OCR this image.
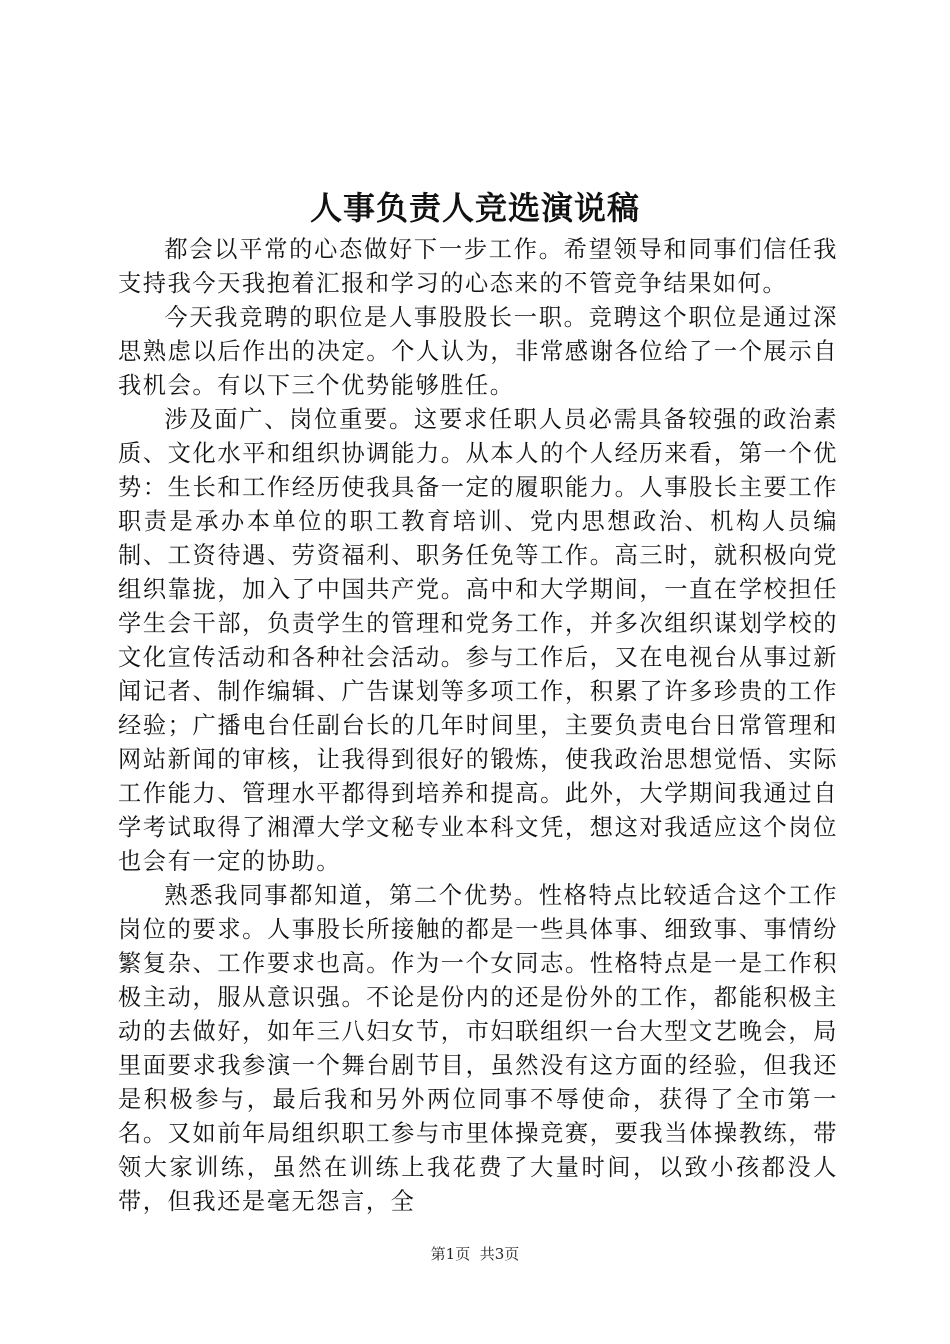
人事负责人竞选演说稿

都会以平常的心态做好下一步工作。希望领导和同事们信任我支持我今天我抱着汇报和学习的心态来的不管竞争结果如何。

今天我竞聘的职位是人事股股长一职。竞聘这个职位是通过深思熟虑以后作出的决定。个人认为，非常感谢各位给了一个展示自我机会。有以下三个优势能够胜任。

涉及面广、岗位重要。这要求任职人员必需具备较强的政治素质、文化水平和组织协调能力。从本人的个人经历来看，第一个优势：生长和工作经历使我具备一定的履职能力。人事股长主要工作职责是承办本单位的职工教育培训、党内思想政治、机构人员编制、工资待遇、劳资福利、职务任免等工作。高三时，就积极向党组织靠拢，加入了中国共产党。高中和大学期间，一直在学校担任学生会干部，负责学生的管理和党务工作，并多次组织谋划学校的文化宣传活动和各种社会活动。参与工作后，又在电视台从事过新闻记者、制作编辑、广告谋划等多项工作，积累了许多珍贵的工作经验；广播电台任副台长的几年时间里，主要负责电台日常管理和网站新闻的审核，让我得到很好的锻炼，使我政治思想觉悟、实际工作能力、管理水平都得到培养和提高。此外，大学期间我通过自学考试取得了湘潭大学文秘专业本科文凭，想这对我适应这个岗位也会有一定的协助。

熟悉我同事都知道，第二个优势。性格特点比较适合这个工作岗位的要求。人事股长所接触的都是一些具体事、细致事、事情纷繁复杂、工作要求也高。作为一个女同志。性格特点是一是工作积极主动，服从意识强。不论是份内的还是份外的工作，都能积极主动的去做好，如年三八妇女节，市妇联组织一台大型文艺晚会，局里面要求我参演一个舞台剧节目，虽然没有这方面的经验，但我还是积极参与，最后我和另外两位同事不辱使命，获得了全市第一名。又如前年局组织职工参与市里体操竞赛，要我当体操教练，带领大家训练，虽然在训练上我花费了大量时间，以致小孩都没人带，但我还是毫无怨言，全

第1页 共3页
